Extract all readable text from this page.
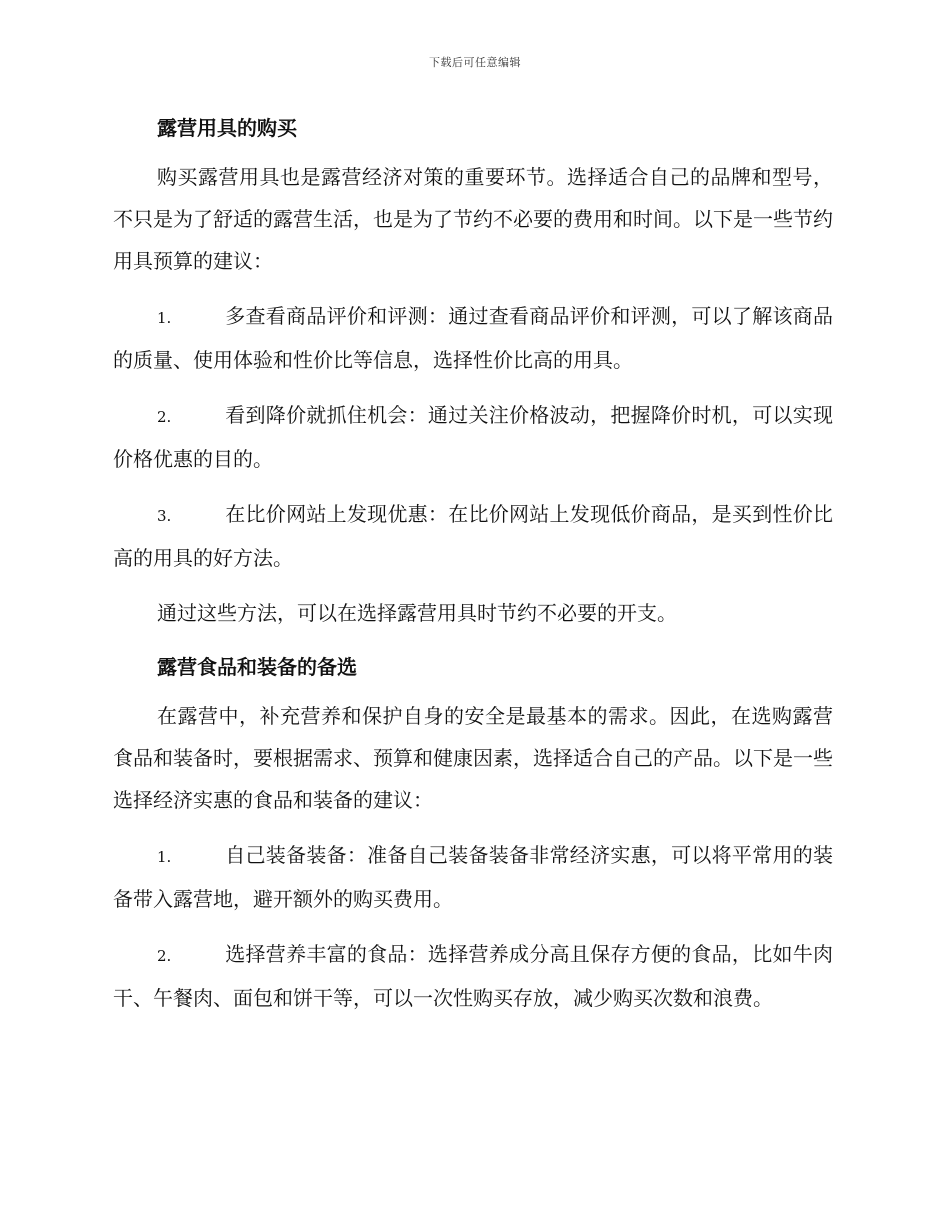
下载后可任意编辑
露营用具的购买

购买露营用具也是露营经济对策的重要环节。选择适合自己的品牌和型号，不只是为了舒适的露营生活，也是为了节约不必要的费用和时间。以下是一些节约用具预算的建议：

1.	多查看商品评价和评测：通过查看商品评价和评测，可以了解该商品的质量、使用体验和性价比等信息，选择性价比高的用具。

2.	看到降价就抓住机会：通过关注价格波动，把握降价时机，可以实现价格优惠的目的。

3.	在比价网站上发现优惠：在比价网站上发现低价商品，是买到性价比高的用具的好方法。

通过这些方法，可以在选择露营用具时节约不必要的开支。

露营食品和装备的备选

在露营中，补充营养和保护自身的安全是最基本的需求。因此，在选购露营食品和装备时，要根据需求、预算和健康因素，选择适合自己的产品。以下是一些选择经济实惠的食品和装备的建议：

1.	自己装备装备：准备自己装备装备非常经济实惠，可以将平常用的装备带入露营地，避开额外的购买费用。

2.	选择营养丰富的食品：选择营养成分高且保存方便的食品，比如牛肉干、午餐肉、面包和饼干等，可以一次性购买存放，减少购买次数和浪费。
